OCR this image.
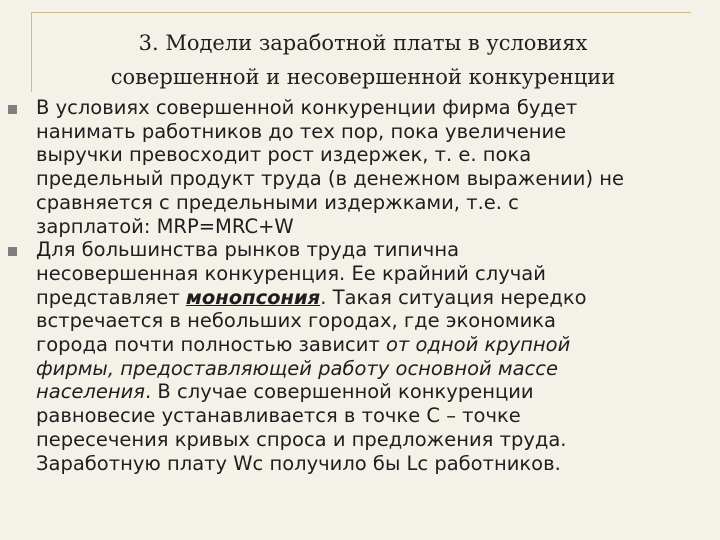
3. Модели заработной платы в условиях
совершенной и несовершенной конкуренции
В условиях совершенной конкуренции фирма будет
нанимать работников до тех пор, пока увеличение
выручки превосходит рост издержек, т. е. пока
предельный продукт труда (в денежном выражении) не
сравняется с предельными издержками, т.е. с
зарплатой: MRP=MRC+W
Для большинства рынков труда типична
несовершенная конкуренция. Ее крайний случай
представляет монопсония. Такая ситуация нередко
встречается в небольших городах, где экономика
города почти полностью зависит от одной крупной
фирмы, предоставляющей работу основной массе
населения. В случае совершенной конкуренции
равновесие устанавливается в точке С – точке
пересечения кривых спроса и предложения труда.
Заработную плату Wc получило бы Lc работников.
